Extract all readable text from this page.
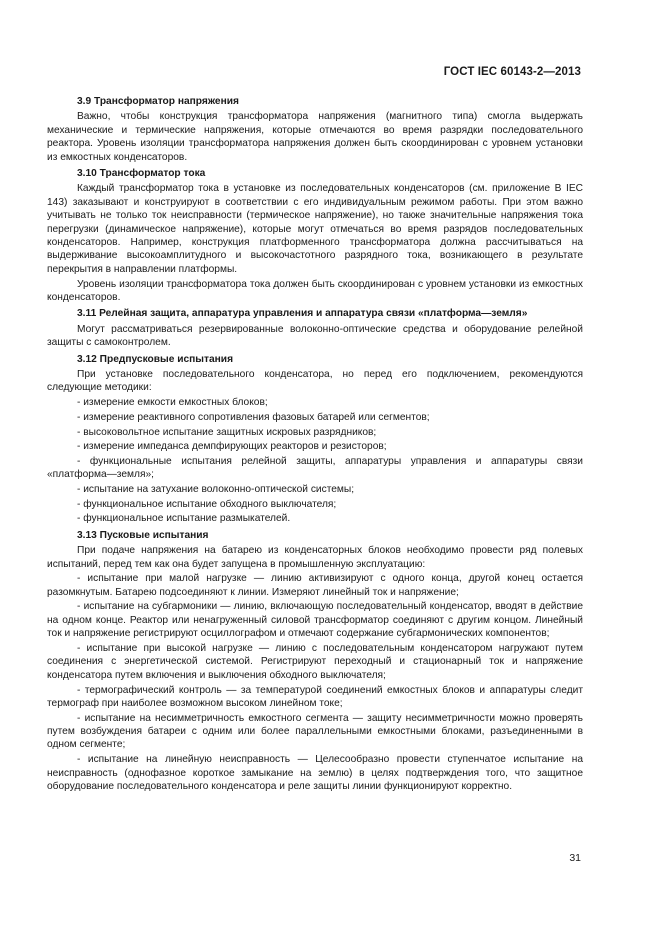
ГОСТ IEC 60143-2—2013
3.9 Трансформатор напряжения

Важно, чтобы конструкция трансформатора напряжения (магнитного типа) смогла выдержать механические и термические напряжения, которые отмечаются во время разрядки последовательного реактора. Уровень изоляции трансформатора напряжения должен быть скоординирован с уровнем установки из емкостных конденсаторов.

3.10 Трансформатор тока

Каждый трансформатор тока в установке из последовательных конденсаторов (см. приложение В IEC 143) заказывают и конструируют в соответствии с его индивидуальным режимом работы. При этом важно учитывать не только ток неисправности (термическое напряжение), но также значительные напряжения тока перегрузки (динамическое напряжение), которые могут отмечаться во время разрядов последовательных конденсаторов. Например, конструкция платформенного трансформатора должна рассчитываться на выдерживание высокоамплитудного и высокочастотного разрядного тока, возникающего в результате перекрытия в направлении платформы.

Уровень изоляции трансформатора тока должен быть скоординирован с уровнем установки из емкостных конденсаторов.

3.11 Релейная защита, аппаратура управления и аппаратура связи «платформа—земля»

Могут рассматриваться резервированные волоконно-оптические средства и оборудование релейной защиты с самоконтролем.

3.12 Предпусковые испытания

При установке последовательного конденсатора, но перед его подключением, рекомендуются следующие методики:

- измерение емкости емкостных блоков;

- измерение реактивного сопротивления фазовых батарей или сегментов;

- высоковольтное испытание защитных искровых разрядников;

- измерение импеданса демпфирующих реакторов и резисторов;

- функциональные испытания релейной защиты, аппаратуры управления и аппаратуры связи «платформа—земля»;

- испытание на затухание волоконно-оптической системы;

- функциональное испытание обходного выключателя;

- функциональное испытание размыкателей.

3.13 Пусковые испытания

При подаче напряжения на батарею из конденсаторных блоков необходимо провести ряд полевых испытаний, перед тем как она будет запущена в промышленную эксплуатацию:

- испытание при малой нагрузке — линию активизируют с одного конца, другой конец остается разомкнутым. Батарею подсоединяют к линии. Измеряют линейный ток и напряжение;

- испытание на субгармоники — линию, включающую последовательный конденсатор, вводят в действие на одном конце. Реактор или ненагруженный силовой трансформатор соединяют с другим концом. Линейный ток и напряжение регистрируют осциллографом и отмечают содержание субгармонических компонентов;

- испытание при высокой нагрузке — линию с последовательным конденсатором нагружают путем соединения с энергетической системой. Регистрируют переходный и стационарный ток и напряжение конденсатора путем включения и выключения обходного выключателя;

- термографический контроль — за температурой соединений емкостных блоков и аппаратуры следит термограф при наиболее возможном высоком линейном токе;

- испытание на несимметричность емкостного сегмента — защиту несимметричности можно проверять путем возбуждения батареи с одним или более параллельными емкостными блоками, разъединенными в одном сегменте;

- испытание на линейную неисправность — Целесообразно провести ступенчатое испытание на неисправность (однофазное короткое замыкание на землю) в целях подтверждения того, что защитное оборудование последовательного конденсатора и реле защиты линии функционируют корректно.

31
